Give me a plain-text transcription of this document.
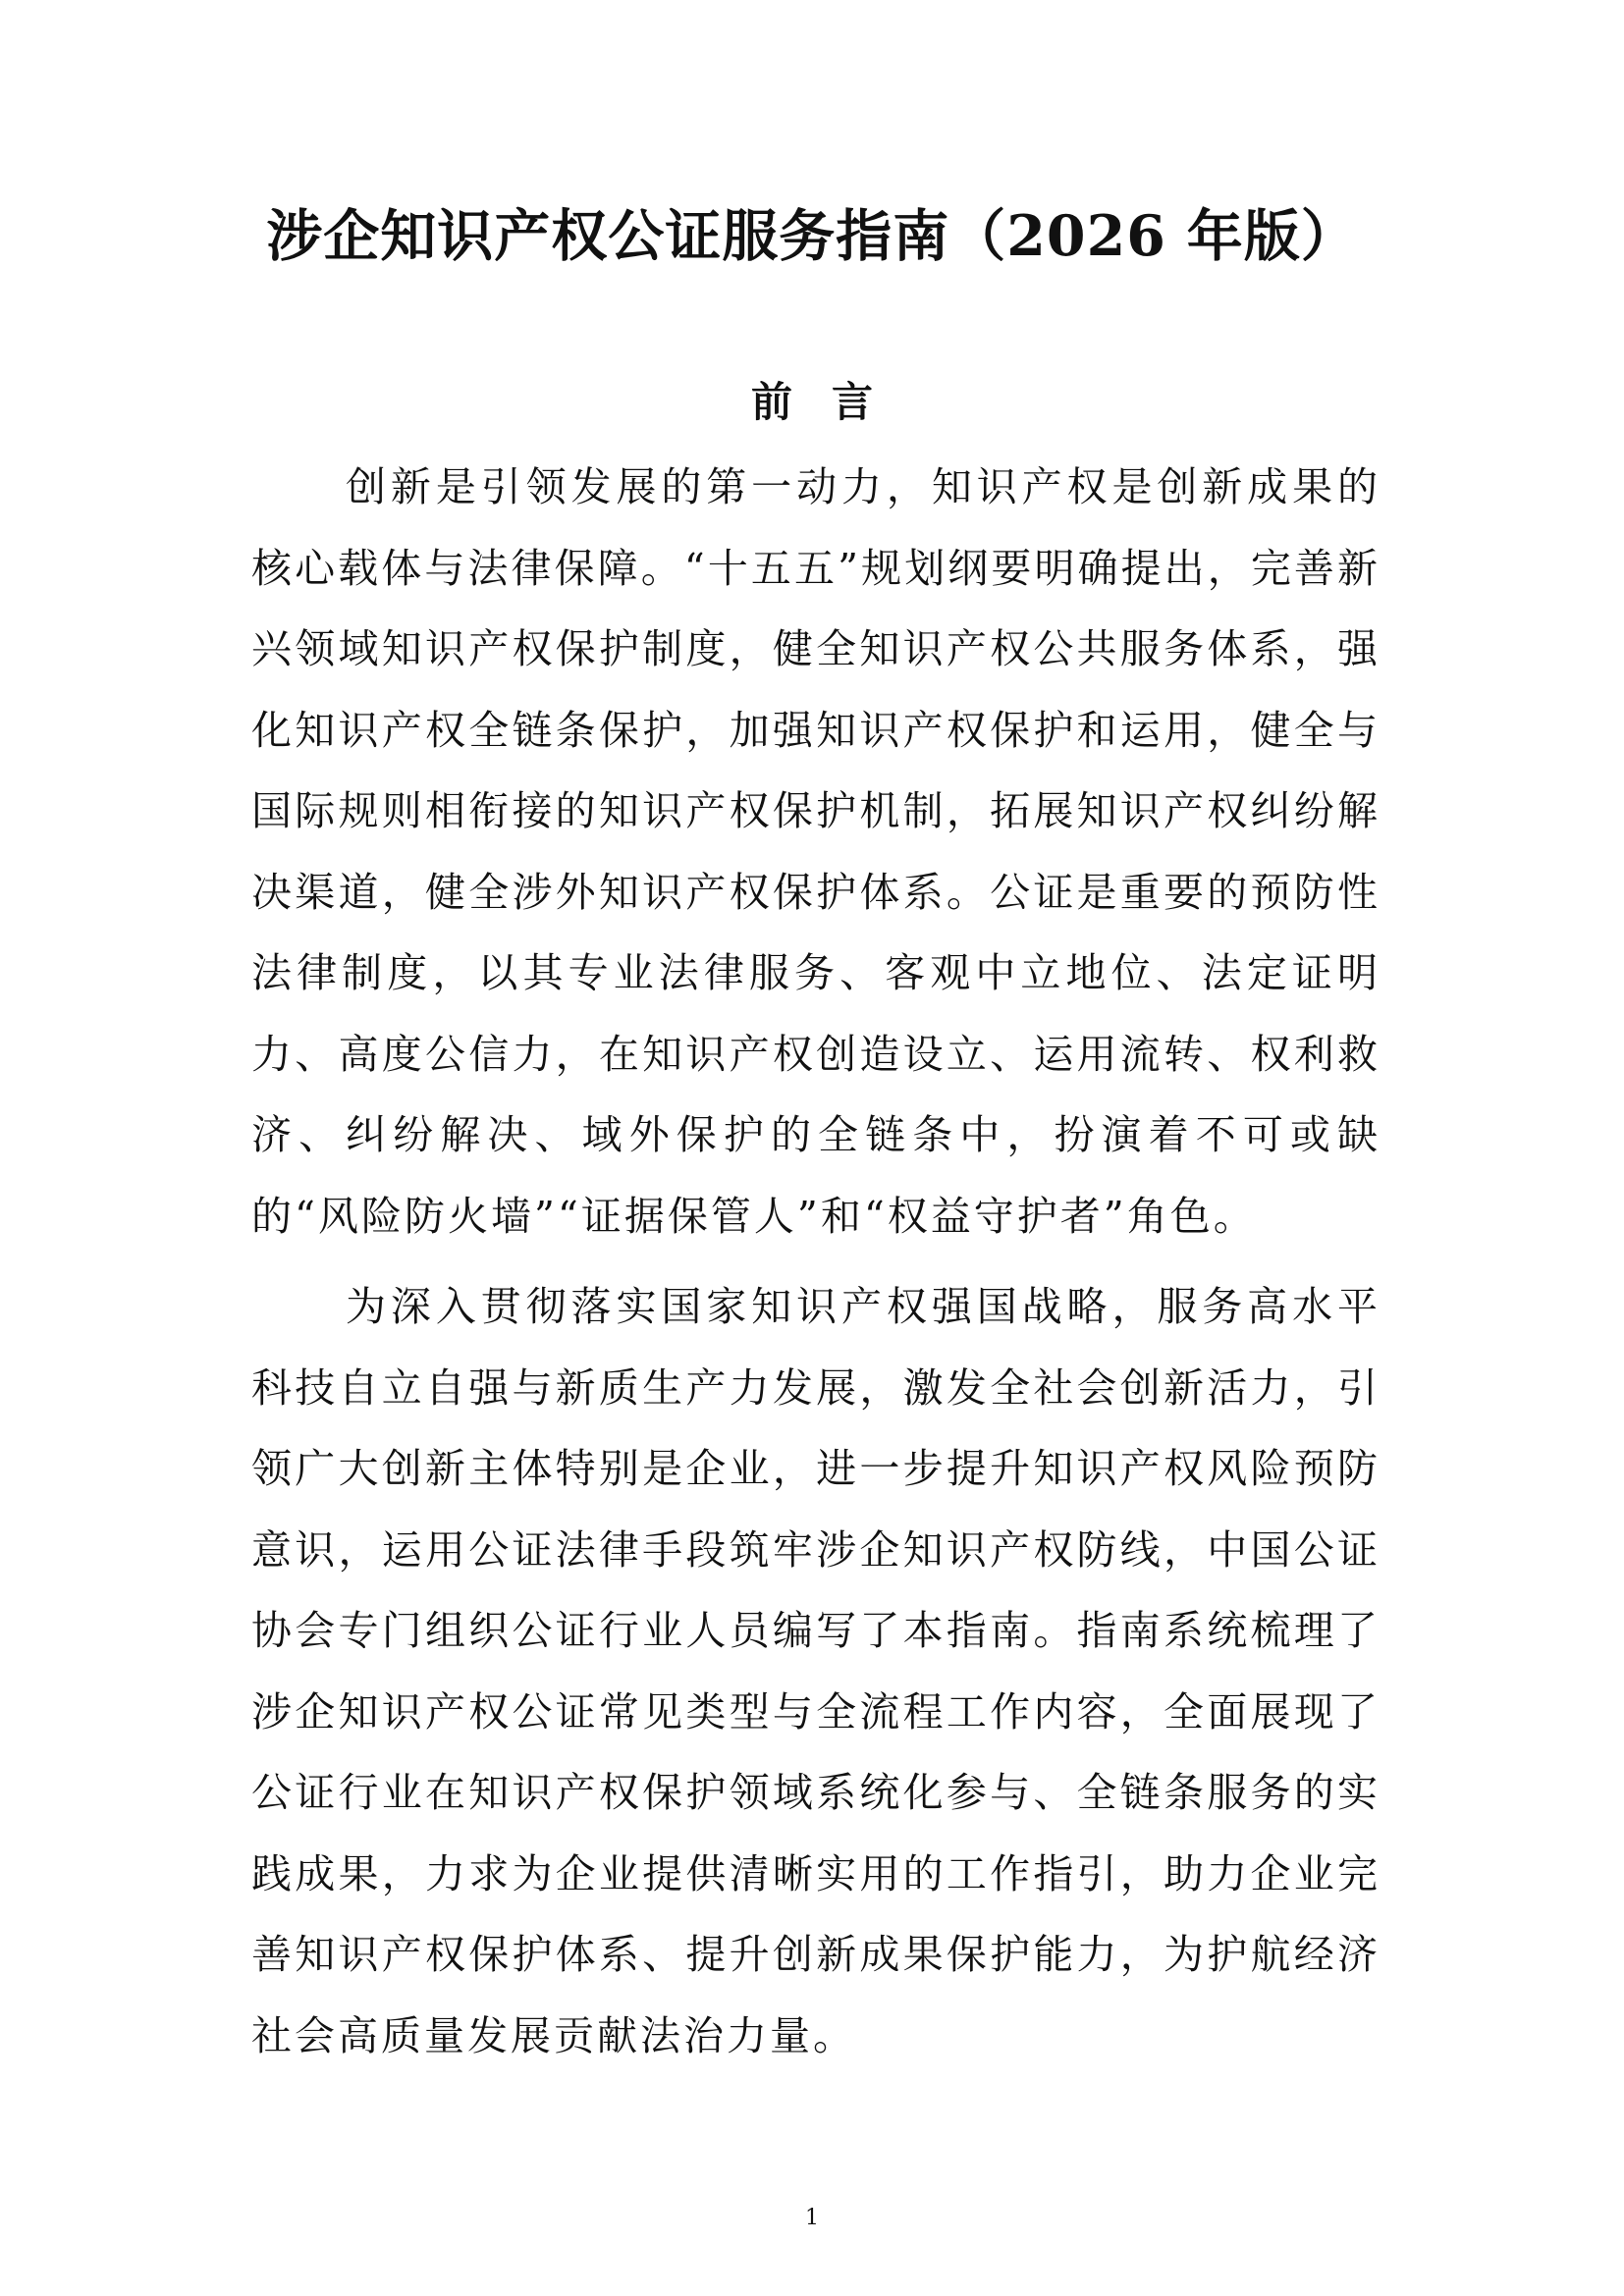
涉企知识产权公证服务指南（2026 年版）
前言

创新是引领发展的第一动力，知识产权是创新成果的核心载体与法律保障。“十五五”规划纲要明确提出，完善新兴领域知识产权保护制度，健全知识产权公共服务体系，强化知识产权全链条保护，加强知识产权保护和运用，健全与国际规则相衔接的知识产权保护机制，拓展知识产权纠纷解决渠道，健全涉外知识产权保护体系。公证是重要的预防性法律制度，以其专业法律服务、客观中立地位、法定证明力、高度公信力，在知识产权创造设立、运用流转、权利救济、纠纷解决、域外保护的全链条中，扮演着不可或缺的“风险防火墙”“证据保管人”和“权益守护者”角色。

为深入贯彻落实国家知识产权强国战略，服务高水平科技自立自强与新质生产力发展，激发全社会创新活力，引领广大创新主体特别是企业，进一步提升知识产权风险预防意识，运用公证法律手段筑牢涉企知识产权防线，中国公证协会专门组织公证行业人员编写了本指南。指南系统梳理了涉企知识产权公证常见类型与全流程工作内容，全面展现了公证行业在知识产权保护领域系统化参与、全链条服务的实践成果，力求为企业提供清晰实用的工作指引，助力企业完善知识产权保护体系、提升创新成果保护能力，为护航经济社会高质量发展贡献法治力量。

1
